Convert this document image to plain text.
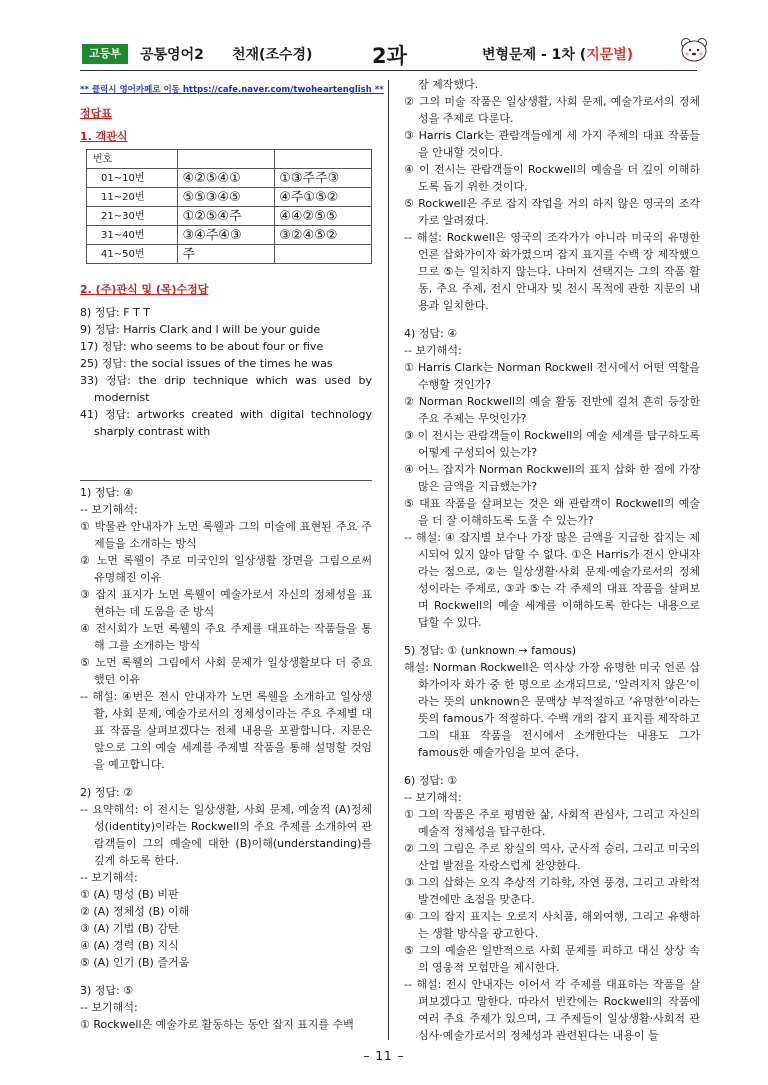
고등부	공통영어2 천재(조수경)	2과	변형문제 - 1차 (지문별)

** 클릭시 영어카페로 이동 https://cafe.naver.com/twoheartenglish **

정답표

1. 객관식

번호		
01~10번	④②⑤④①	①③주주③
11~20번	⑤⑤③④⑤	④주①⑤②
21~30번	①②⑤④주	④④②⑤⑤
31~40번	③④주④③	③②④⑤②
41~50번	주	

2. (주)관식 및 (목)수정답

8) 정답: F T T

9) 정답: Harris Clark and I will be your guide

17) 정답: who seems to be about four or five

25) 정답: the social issues of the times he was

33) 정답: the drip technique which was used by modernist

41) 정답: artworks created with digital technology sharply contrast with

1) 정답: ④

-- 보기해석:

① 박물관 안내자가 노먼 록웰과 그의 미술에 표현된 주요 주제들을 소개하는 방식

② 노먼 록웰이 주로 미국인의 일상생활 장면을 그림으로써 유명해진 이유

③ 잡지 표지가 노먼 록웰이 예술가로서 자신의 정체성을 표현하는 데 도움을 준 방식

④ 전시회가 노먼 록웰의 주요 주제를 대표하는 작품들을 통해 그를 소개하는 방식

⑤ 노먼 록웰의 그림에서 사회 문제가 일상생활보다 더 중요했던 이유

-- 해설: ④번은 전시 안내자가 노먼 록웰을 소개하고 일상생활, 사회 문제, 예술가로서의 정체성이라는 주요 주제별 대표 작품을 살펴보겠다는 전체 내용을 포괄합니다. 지문은 앞으로 그의 예술 세계를 주제별 작품을 통해 설명할 것임을 예고합니다.

2) 정답: ②

-- 요약해석: 이 전시는 일상생활, 사회 문제, 예술적 (A)정체성(identity)이라는 Rockwell의 주요 주제를 소개하여 관람객들이 그의 예술에 대한 (B)이해(understanding)를 깊게 하도록 한다.

-- 보기해석:

① (A) 명성 (B) 비판

② (A) 정체성 (B) 이해

③ (A) 기법 (B) 감탄

④ (A) 경력 (B) 지식

⑤ (A) 인기 (B) 즐거움

3) 정답: ⑤

-- 보기해석:

① Rockwell은 예술가로 활동하는 동안 잡지 표지를 수백

장 제작했다.

② 그의 미술 작품은 일상생활, 사회 문제, 예술가로서의 정체성을 주제로 다룬다.

③ Harris Clark는 관람객들에게 세 가지 주제의 대표 작품들을 안내할 것이다.

④ 이 전시는 관람객들이 Rockwell의 예술을 더 깊이 이해하도록 돕기 위한 것이다.

⑤ Rockwell은 주로 잡지 작업을 거의 하지 않은 영국의 조각가로 알려졌다.

-- 해설: Rockwell은 영국의 조각가가 아니라 미국의 유명한 언론 삽화가이자 화가였으며 잡지 표지를 수백 장 제작했으므로 ⑤는 일치하지 않는다. 나머지 선택지는 그의 작품 활동, 주요 주제, 전시 안내자 및 전시 목적에 관한 지문의 내용과 일치한다.

4) 정답: ④

-- 보기해석:

① Harris Clark는 Norman Rockwell 전시에서 어떤 역할을 수행할 것인가?

② Norman Rockwell의 예술 활동 전반에 걸쳐 흔히 등장한 주요 주제는 무엇인가?

③ 이 전시는 관람객들이 Rockwell의 예술 세계를 탐구하도록 어떻게 구성되어 있는가?

④ 어느 잡지가 Norman Rockwell의 표지 삽화 한 점에 가장 많은 금액을 지급했는가?

⑤ 대표 작품을 살펴보는 것은 왜 관람객이 Rockwell의 예술을 더 잘 이해하도록 도울 수 있는가?

-- 해설: ④ 잡지별 보수나 가장 많은 금액을 지급한 잡지는 제시되어 있지 않아 답할 수 없다. ①은 Harris가 전시 안내자라는 점으로, ②는 일상생활·사회 문제·예술가로서의 정체성이라는 주제로, ③과 ⑤는 각 주제의 대표 작품을 살펴보며 Rockwell의 예술 세계를 이해하도록 한다는 내용으로 답할 수 있다.

5) 정답: ① (unknown → famous)

해설: Norman Rockwell은 역사상 가장 유명한 미국 언론 삽화가이자 화가 중 한 명으로 소개되므로, ‘알려지지 않은’이라는 뜻의 unknown은 문맥상 부적절하고 ‘유명한’이라는 뜻의 famous가 적절하다. 수백 개의 잡지 표지를 제작하고 그의 대표 작품을 전시에서 소개한다는 내용도 그가 famous한 예술가임을 보여 준다.

6) 정답: ①

-- 보기해석:

① 그의 작품은 주로 평범한 삶, 사회적 관심사, 그리고 자신의 예술적 정체성을 탐구한다.

② 그의 그림은 주로 왕실의 역사, 군사적 승리, 그리고 미국의 산업 발전을 자랑스럽게 찬양한다.

③ 그의 삽화는 오직 추상적 기하학, 자연 풍경, 그리고 과학적 발견에만 초점을 맞춘다.

④ 그의 잡지 표지는 오로지 사치품, 해외여행, 그리고 유행하는 생활 방식을 광고한다.

⑤ 그의 예술은 일반적으로 사회 문제를 피하고 대신 상상 속의 영웅적 모험만을 제시한다.

-- 해설: 전시 안내자는 이어서 각 주제를 대표하는 작품을 살펴보겠다고 말한다. 따라서 빈칸에는 Rockwell의 작품에 여러 주요 주제가 있으며, 그 주제들이 일상생활·사회적 관심사·예술가로서의 정체성과 관련된다는 내용이 들

– 11 –
